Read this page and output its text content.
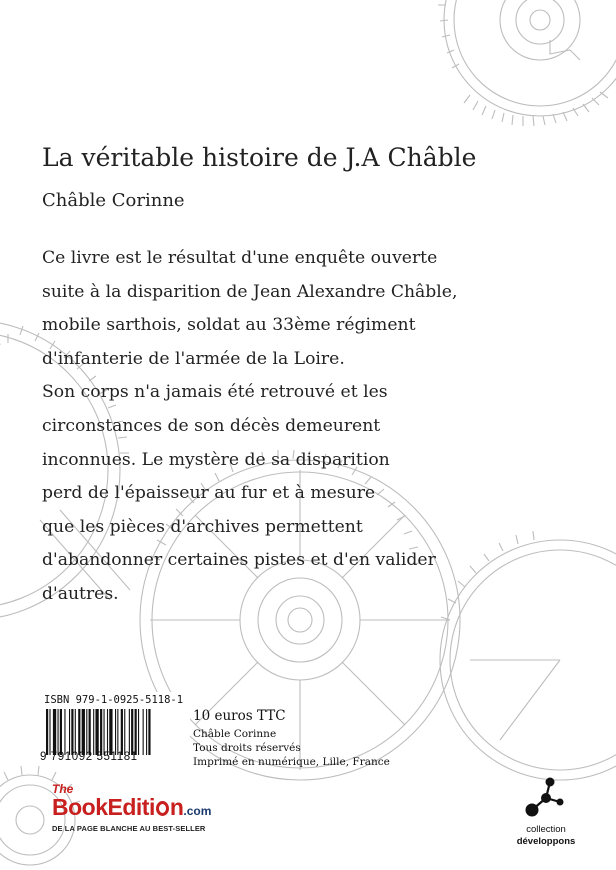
La véritable histoire de J.A Châble
Châble Corinne
Ce livre est le résultat d'une enquête ouverte
suite à la disparition de Jean Alexandre Châble,
mobile sarthois, soldat au 33ème régiment
d'infanterie de l'armée de la Loire.
Son corps n'a jamais été retrouvé et les
circonstances de son décès demeurent
inconnues. Le mystère de sa disparition
perd de l'épaisseur au fur et à mesure
que les pièces d'archives permettent
d'abandonner certaines pistes et d'en valider
d'autres.
ISBN 979-1-0925-5118-1
9 791092 551181
10 euros TTC
Châble Corinne
Tous droits réservés
Imprimé en numérique, Lille, France
The
BookEditi n.com
DE LA PAGE BLANCHE AU BEST-SELLER	collection
développons
